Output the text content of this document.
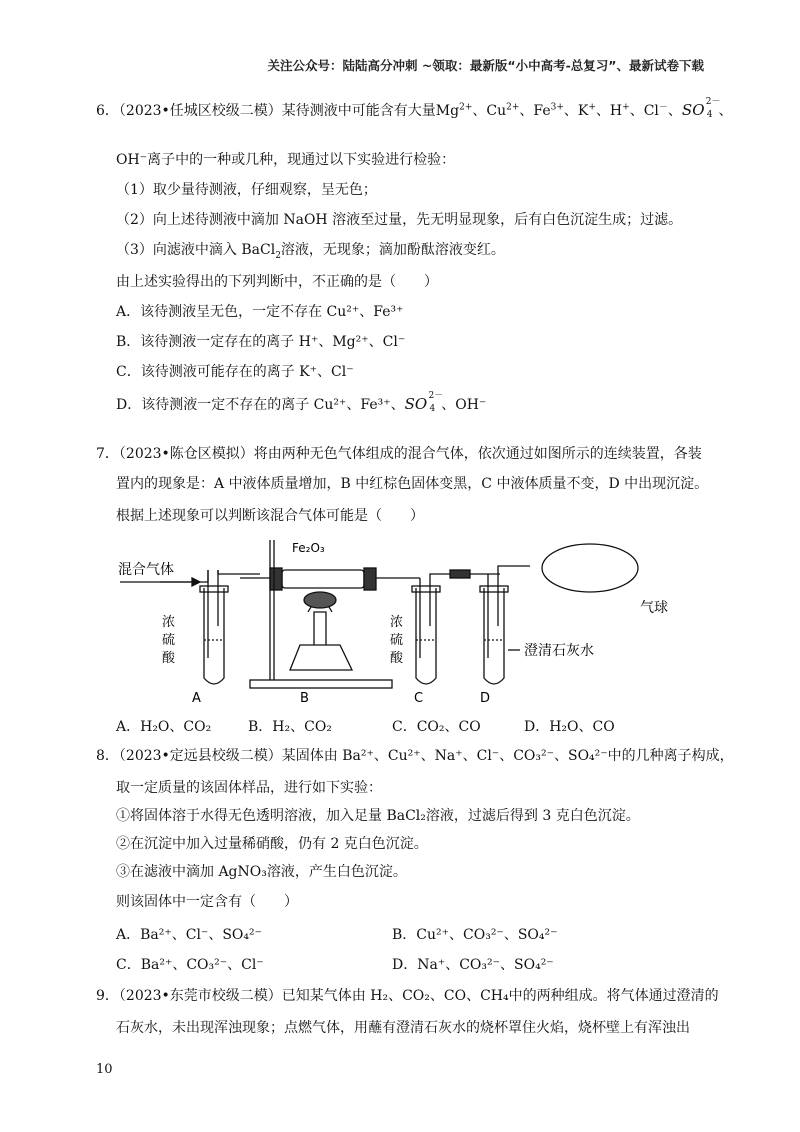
关注公众号：陆陆高分冲刺 ~领取：最新版“小中高考-总复习”、最新试卷下载
6．（2023•任城区校级二模）某待测液中可能含有大量$Mg^{2+}$、$Cu^{2+}$、$Fe^{3+}$、K+、H+、Cl－、SO 2－
4 、
OH⁻离子中的一种或几种，现通过以下实验进行检验：
（1）取少量待测液，仔细观察，呈无色；
（2）向上述待测液中滴加 NaOH 溶液至过量，先无明显现象，后有白色沉淀生成；过滤。
（3）向滤液中滴入 BaCl$_2$溶液，无现象；滴加酚酞溶液变红。
由上述实验得出的下列判断中，不正确的是（　　）
A．该待测液呈无色，一定不存在 Cu²⁺、Fe³⁺
B．该待测液一定存在的离子 H⁺、Mg²⁺、Cl⁻
C．该待测液可能存在的离子 K⁺、Cl⁻
D．该待测液一定不存在的离子 Cu²⁺、Fe³⁺、SO 2－
4 、OH⁻
7．（2023•陈仓区模拟）将由两种无色气体组成的混合气体，依次通过如图所示的连续装置，各装
置内的现象是：A 中液体质量增加，B 中红棕色固体变黑，C 中液体质量不变，D 中出现沉淀。
根据上述现象可以判断该混合气体可能是（　　）
混合气体
Fe₂O₃
气球
浓
硫
酸
浓
硫
酸	澄清石灰水
A	B	C	D
A．H₂O、CO₂	B．H₂、CO₂	C．CO₂、CO	D．H₂O、CO
8．（2023•定远县校级二模）某固体由 Ba²⁺、Cu²⁺、Na⁺、Cl⁻、CO₃²⁻、SO₄²⁻中的几种离子构成，
取一定质量的该固体样品，进行如下实验：
①将固体溶于水得无色透明溶液，加入足量 BaCl₂溶液，过滤后得到 3 克白色沉淀。
②在沉淀中加入过量稀硝酸，仍有 2 克白色沉淀。
③在滤液中滴加 AgNO₃溶液，产生白色沉淀。
则该固体中一定含有（　　）
A．Ba²⁺、Cl⁻、SO₄²⁻	B．Cu²⁺、CO₃²⁻、SO₄²⁻
C．Ba²⁺、CO₃²⁻、Cl⁻	D．Na⁺、CO₃²⁻、SO₄²⁻
9．（2023•东莞市校级二模）已知某气体由 H₂、CO₂、CO、CH₄中的两种组成。将气体通过澄清的
石灰水，未出现浑浊现象；点燃气体，用蘸有澄清石灰水的烧杯罩住火焰，烧杯壁上有浑浊出
10
